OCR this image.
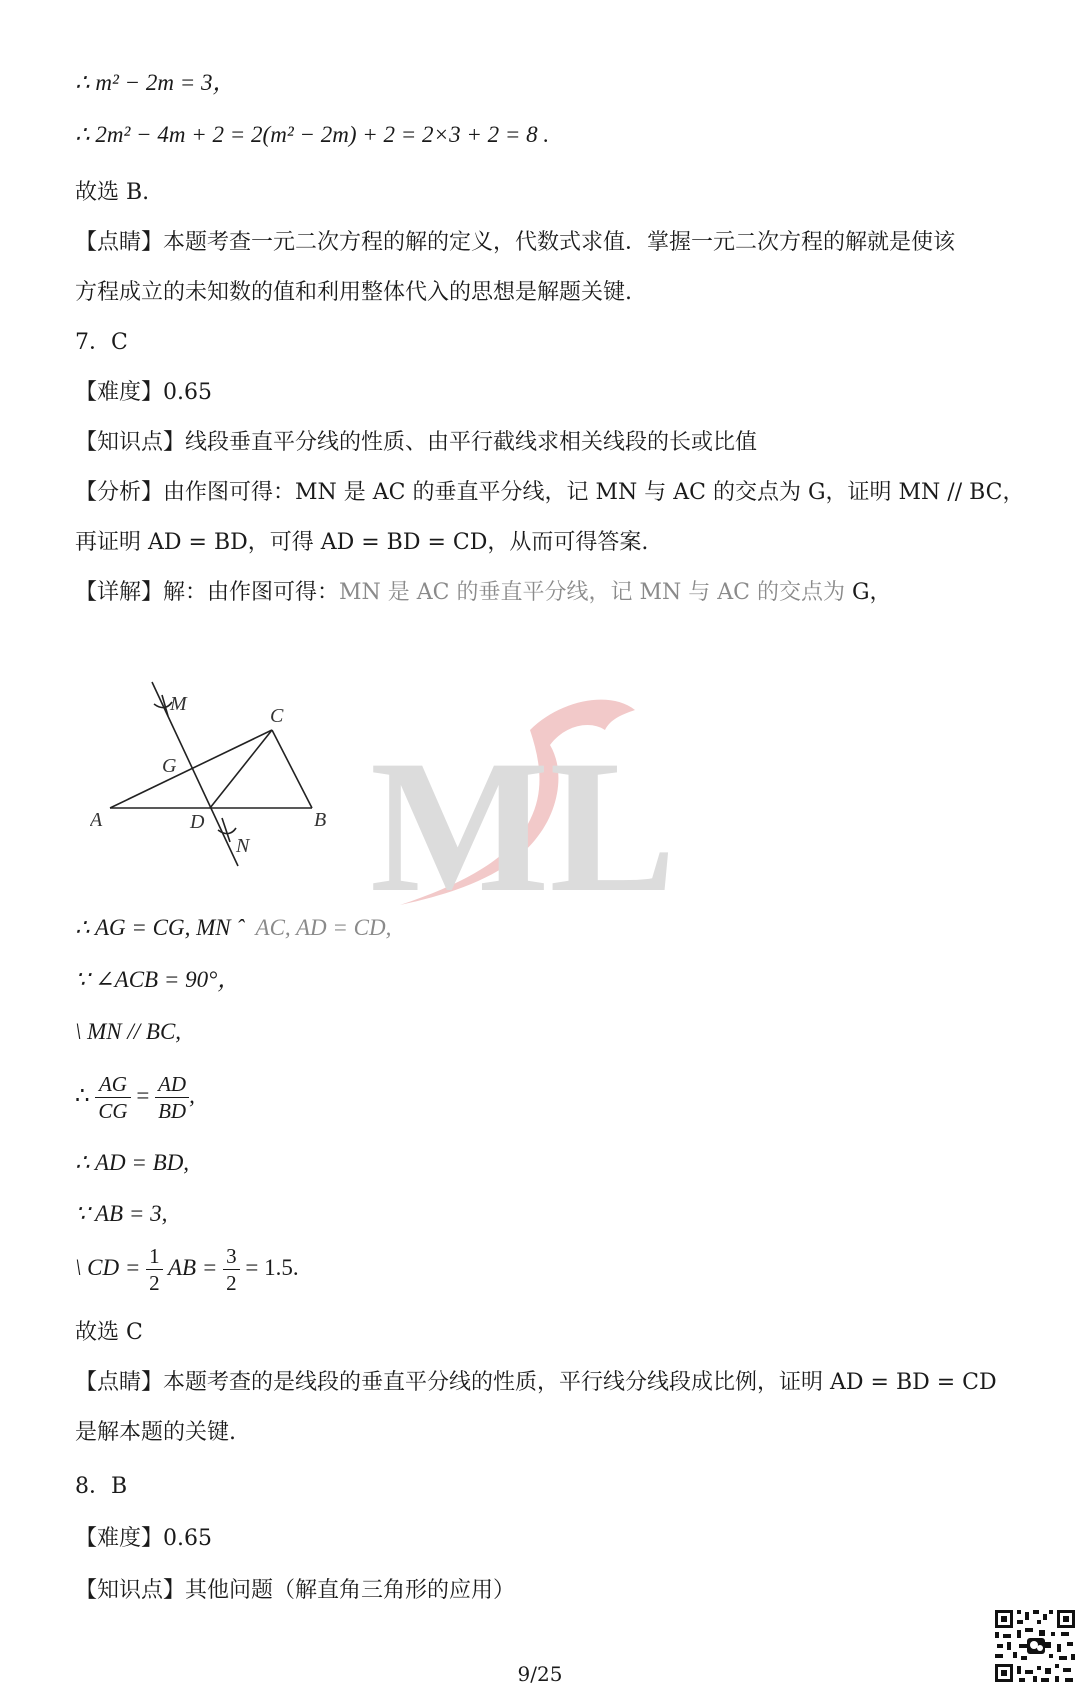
ML
∴ m² − 2m = 3，
∴ 2m² − 4m + 2 = 2(m² − 2m) + 2 = 2×3 + 2 = 8 .
故选 B.
【点睛】本题考查一元二次方程的解的定义，代数式求值．掌握一元二次方程的解就是使该
方程成立的未知数的值和利用整体代入的思想是解题关键.
7．C
【难度】0.65
【知识点】线段垂直平分线的性质、由平行截线求相关线段的长或比值
【分析】由作图可得：MN 是 AC 的垂直平分线，记 MN 与 AC 的交点为 G，证明 MN // BC，
再证明 AD = BD，可得 AD = BD = CD，从而可得答案.
【详解】解：由作图可得：MN 是 AC 的垂直平分线，记 MN 与 AC 的交点为 G，
M
C
G
A	D
N
B
∴ AG = CG, MN ˆ AC, AD = CD,
∵ ∠ACB = 90°，
\ MN // BC,
∴ $\frac{AG}{CG} = \frac{AD}{BD}$ ,
∴ AD = BD,
∵ AB = 3,
\ CD = $\frac{1}{2}$ AB = $\frac{3}{2} = 1.5$.
故选 C
【点睛】本题考查的是线段的垂直平分线的性质，平行线分线段成比例，证明 AD = BD = CD
是解本题的关键.
8．B
【难度】0.65
【知识点】其他问题（解直角三角形的应用）
9/25
